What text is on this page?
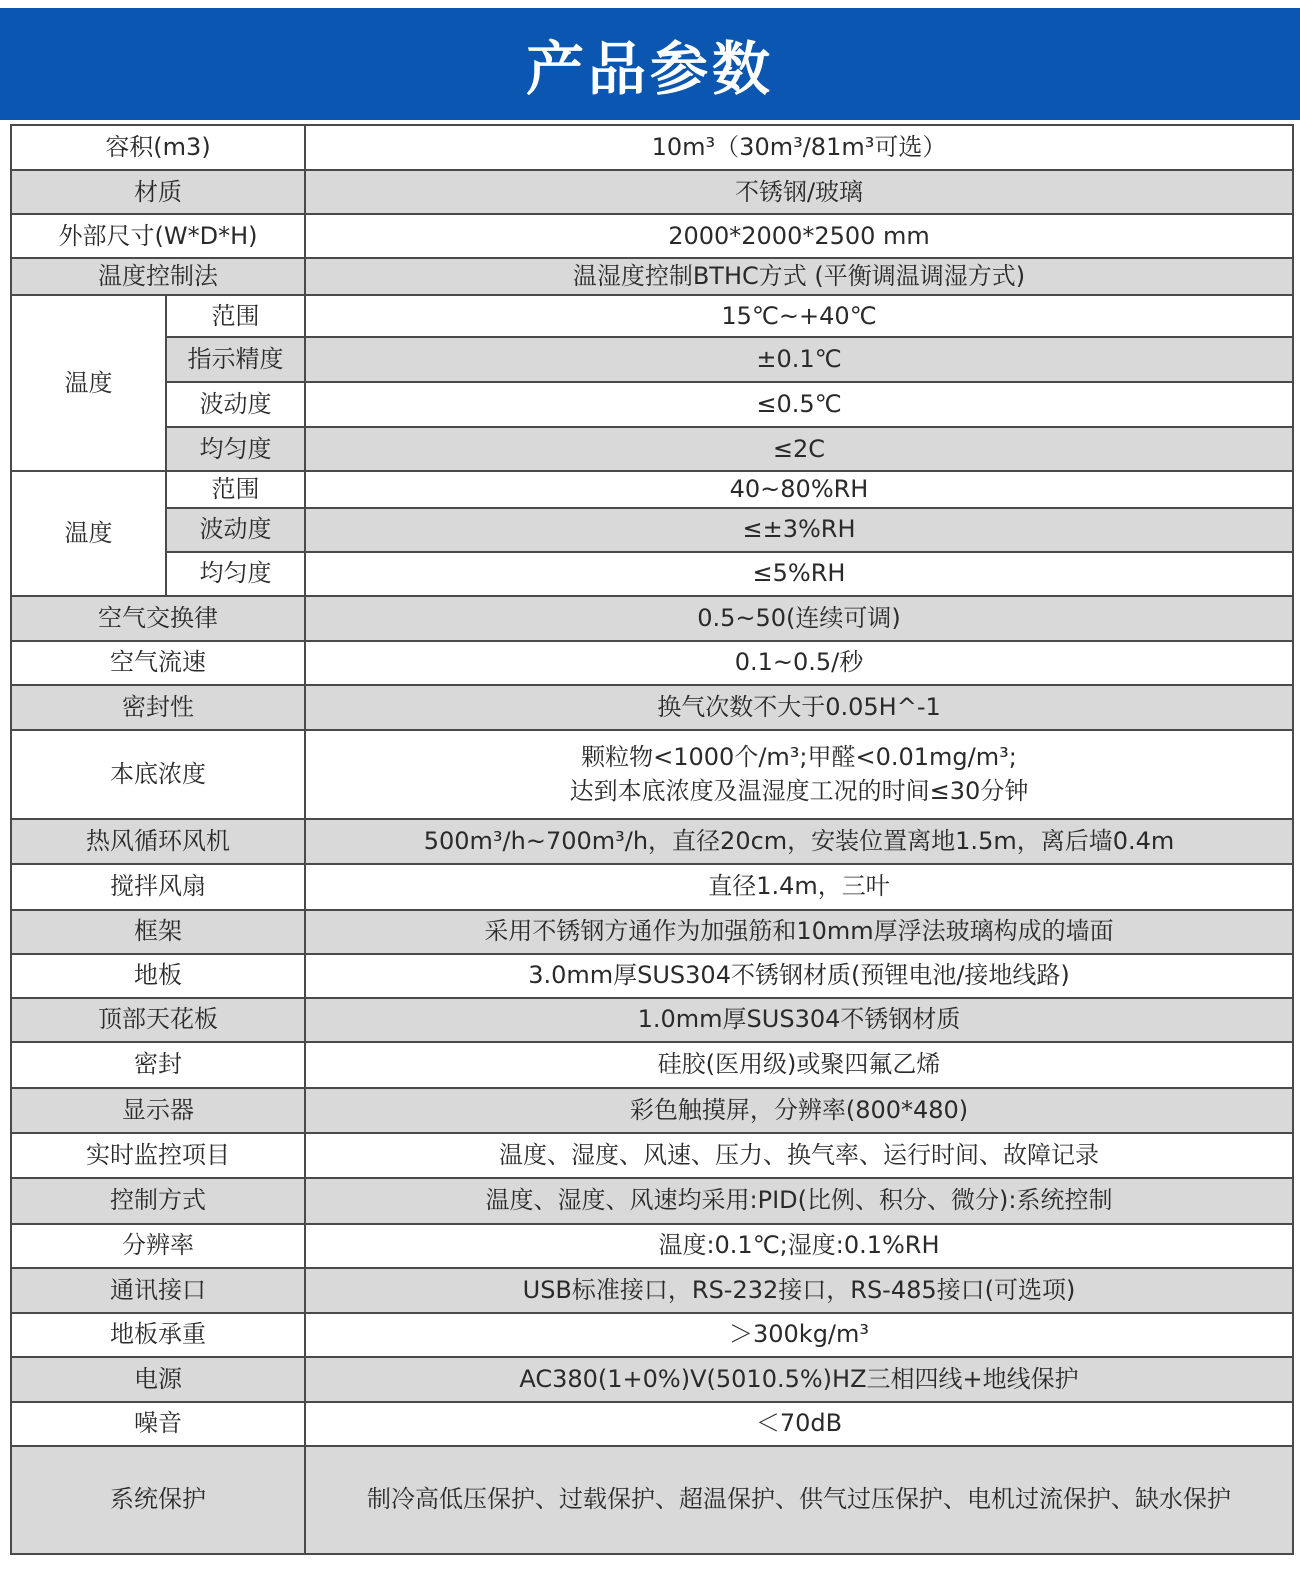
产品参数
容积(m3)		10m³（30m³/81m³可选）
材质		不锈钢/玻璃
外部尺寸(W*D*H)		2000*2000*2500 mm
温度控制法		温湿度控制BTHC方式 (平衡调温调湿方式)
温度	范围	15℃~+40℃
	指示精度	±0.1℃
	波动度	≤0.5℃
	均匀度	≤2C
温度	范围	40~80%RH
	波动度	≤±3%RH
	均匀度	≤5%RH
空气交换律		0.5~50(连续可调)
空气流速		0.1~0.5/秒
密封性		换气次数不大于0.05H^-1
本底浓度		颗粒物<1000个/m³;甲醛<0.01mg/m³;
达到本底浓度及温湿度工况的时间≤30分钟

热风循环风机		500m³/h~700m³/h，直径20cm，安装位置离地1.5m，离后墙0.4m
搅拌风扇		直径1.4m，三叶
框架		采用不锈钢方通作为加强筋和10mm厚浮法玻璃构成的墙面
地板		3.0mm厚SUS304不锈钢材质(预锂电池/接地线路)
顶部天花板		1.0mm厚SUS304不锈钢材质
密封		硅胶(医用级)或聚四氟乙烯
显示器		彩色触摸屏，分辨率(800*480)
实时监控项目		温度、湿度、风速、压力、换气率、运行时间、故障记录
控制方式		温度、湿度、风速均采用:PID(比例、积分、微分):系统控制
分辨率		温度:0.1℃;湿度:0.1%RH
通讯接口		USB标准接口，RS-232接口，RS-485接口(可选项)
地板承重		＞300kg/m³
电源		AC380(1+0%)V(5010.5%)HZ三相四线+地线保护
噪音		＜70dB
系统保护		制冷高低压保护、过载保护、超温保护、供气过压保护、电机过流保护、缺水保护
